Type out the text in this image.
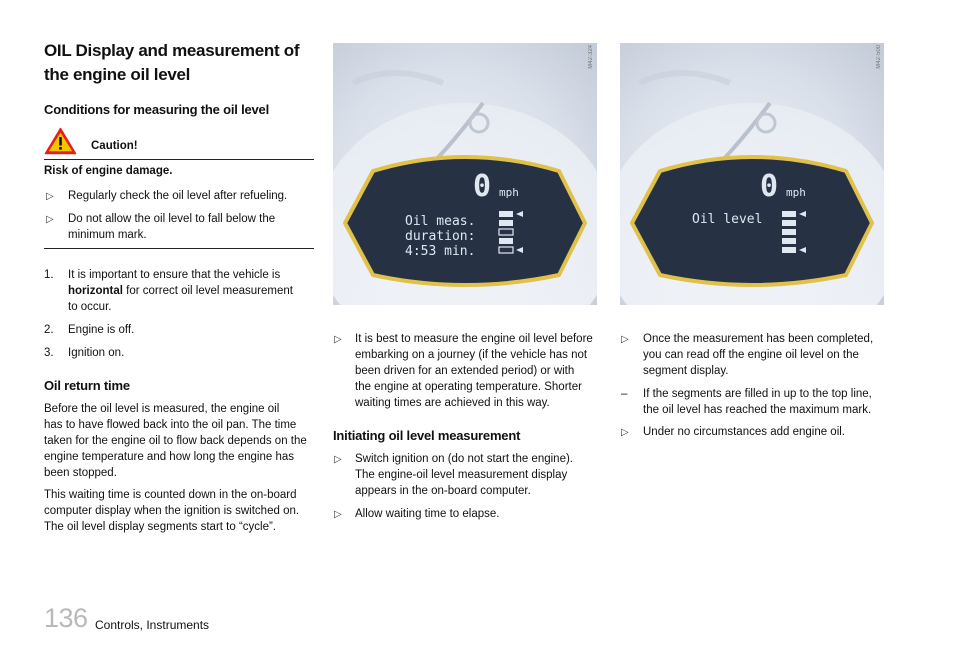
OIL Display and measurement of
the engine oil level
Conditions for measuring the oil level
Caution!
Risk of engine damage.
▷ Regularly check the oil level after refueling.
▷ Do not allow the oil level to fall below the
minimum mark.
1. It is important to ensure that the vehicle is
horizontal for correct oil level measurement
to occur.
2. Engine is off.
3. Ignition on.
Oil return time
Before the oil level is measured, the engine oil
has to have flowed back into the oil pan. The time
taken for the engine oil to flow back depends on the
engine temperature and how long the engine has
been stopped.
This waiting time is counted down in the on-board
computer display when the ignition is switched on.
The oil level display segments start to “cycle”.
0 mph
Oil meas.
duration:
4:53 min.
M42-324
0 mph
Oil level
M42-500
▷ It is best to measure the engine oil level before
embarking on a journey (if the vehicle has not
been driven for an extended period) or with
the engine at operating temperature. Shorter
waiting times are achieved in this way.
Initiating oil level measurement
▷ Switch ignition on (do not start the engine).
The engine-oil level measurement display
appears in the on-board computer.
▷ Allow waiting time to elapse.
▷ Once the measurement has been completed,
you can read off the engine oil level on the
segment display.
– If the segments are filled in up to the top line,
the oil level has reached the maximum mark.
▷ Under no circumstances add engine oil.
136 Controls, Instruments
